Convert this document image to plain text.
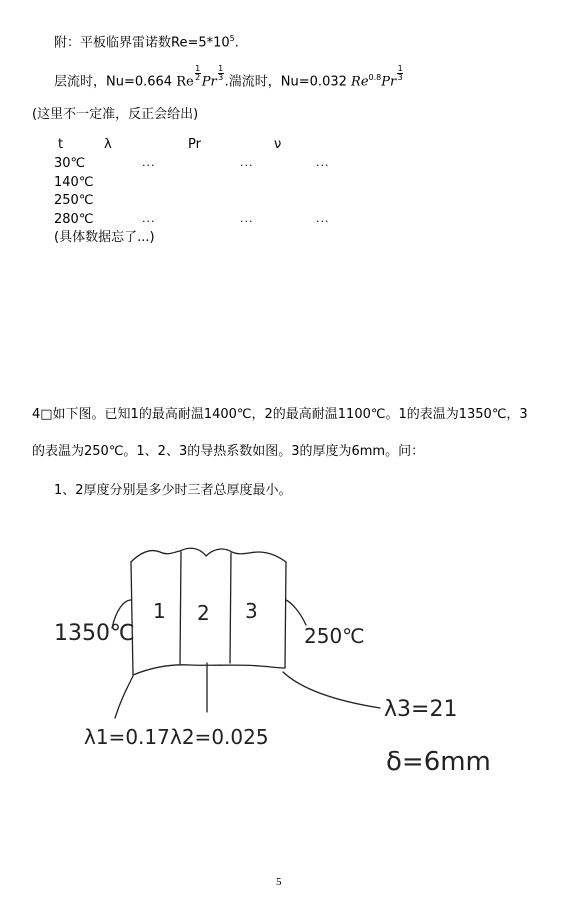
附：平板临界雷诺数$Re=5*10^5$.
层流时，Nu=0.664 $Re\frac{1}{2}Pr\frac{1}{3}$.湍流时，Nu=0.032 $Re^{0.8}Pr\frac{1}{3}$
(这里不一定准，反正会给出)
t	λ	Pr	ν
30℃	...	...	...
140℃
250℃
280℃	...	...	...
(具体数据忘了...)
4□如下图。已知1的最高耐温1400℃，2的最高耐温1100℃。1的表温为1350℃，3
的表温为250℃。1、2、3的导热系数如图。3的厚度为6mm。问：
1、2厚度分别是多少时三者总厚度最小。
1 2 3
1350℃	250℃
λ1=0.17 λ2=0.025
λ3=21
δ=6mm
5
